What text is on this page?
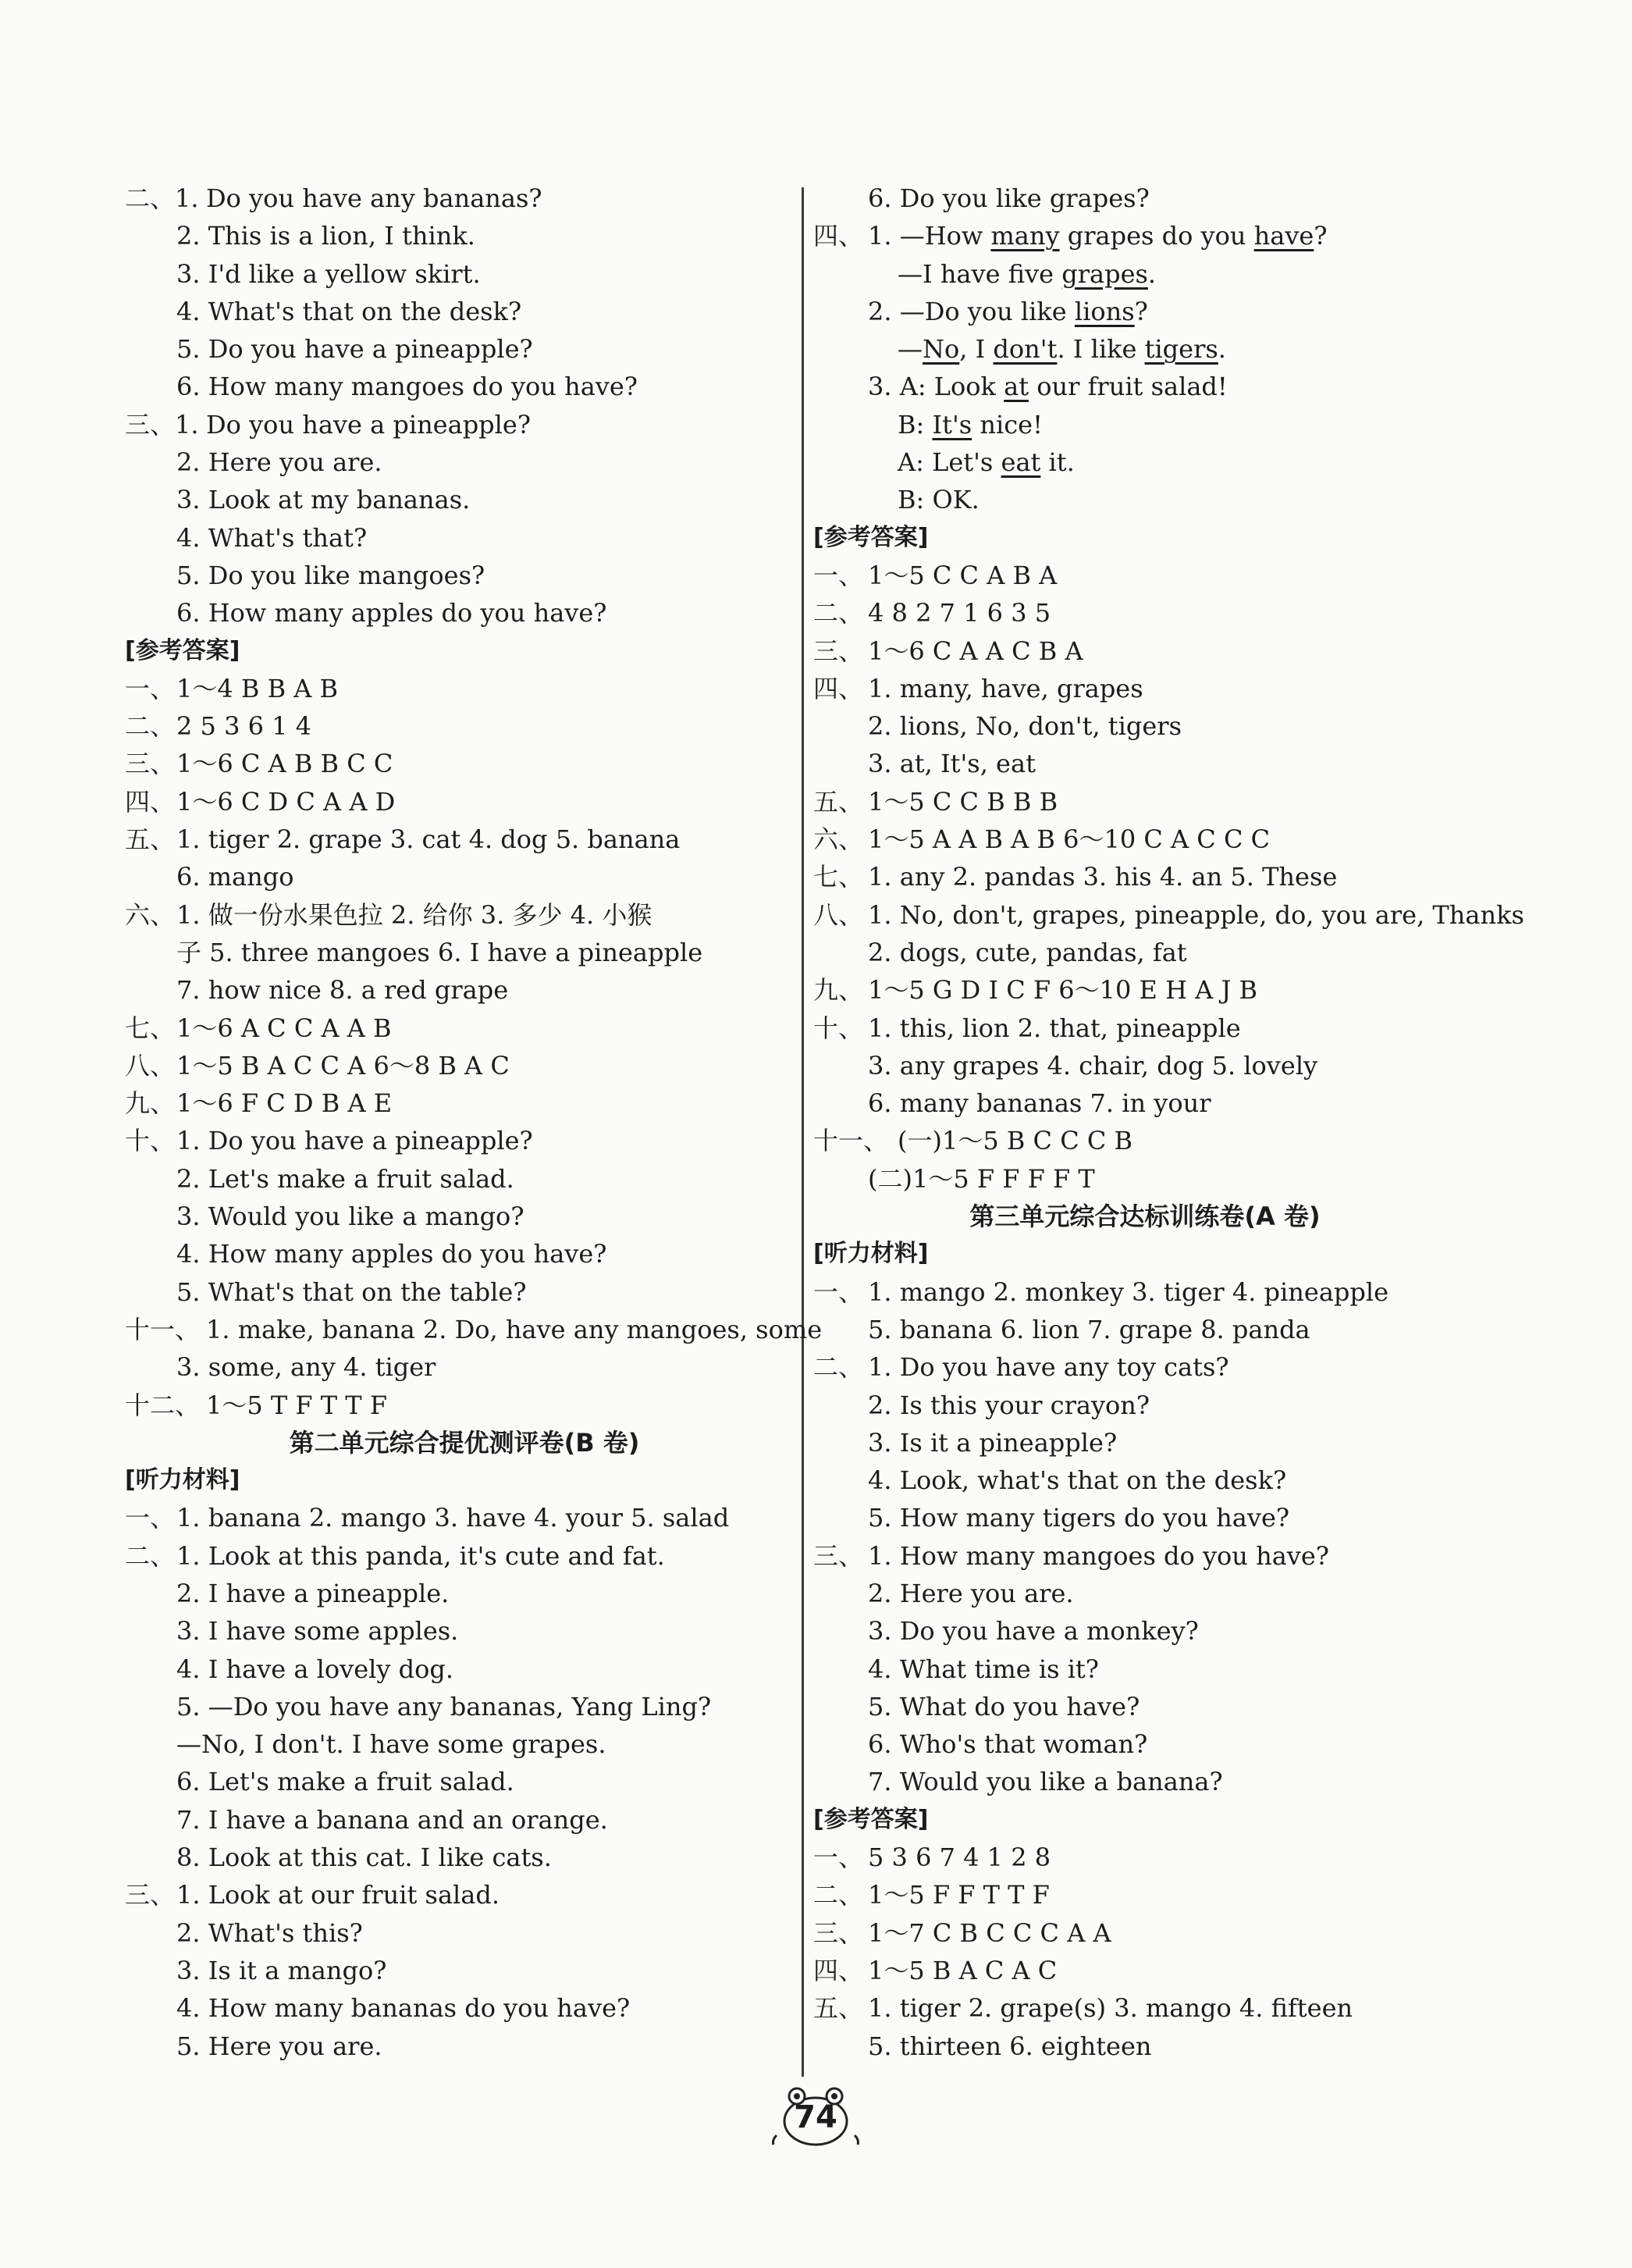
二、1. Do you have any bananas?
2. This is a lion, I think.
3. I'd like a yellow skirt.
4. What's that on the desk?
5. Do you have a pineapple?
6. How many mangoes do you have?
三、1. Do you have a pineapple?
2. Here you are.
3. Look at my bananas.
4. What's that?
5. Do you like mangoes?
6. How many apples do you have?
[参考答案]
一、 1～4 B B A B
二、 2 5 3 6 1 4
三、 1～6 C A B B C C
四、 1～6 C D C A A D
五、 1. tiger 2. grape 3. cat 4. dog 5. banana
6. mango
六、 1. 做一份水果色拉 2. 给你 3. 多少 4. 小猴
子 5. three mangoes 6. I have a pineapple
7. how nice 8. a red grape
七、 1～6 A C C A A B
八、 1～5 B A C C A 6～8 B A C
九、 1～6 F C D B A E
十、 1. Do you have a pineapple?
2. Let's make a fruit salad.
3. Would you like a mango?
4. How many apples do you have?
5. What's that on the table?
十一、 1. make, banana 2. Do, have any mangoes, some
3. some, any 4. tiger
十二、 1～5 T F T T F
第二单元综合提优测评卷(B 卷)
[听力材料]
一、 1. banana 2. mango 3. have 4. your 5. salad
二、 1. Look at this panda, it's cute and fat.
2. I have a pineapple.
3. I have some apples.
4. I have a lovely dog.
5. —Do you have any bananas, Yang Ling?
—No, I don't. I have some grapes.
6. Let's make a fruit salad.
7. I have a banana and an orange.
8. Look at this cat. I like cats.
三、 1. Look at our fruit salad.
2. What's this?
3. Is it a mango?
4. How many bananas do you have?
5. Here you are.
6. Do you like grapes?
四、 1. —How many grapes do you have?
—I have five grapes.
2. —Do you like lions?
—No, I don't. I like tigers.
3. A: Look at our fruit salad!
B: It's nice!
A: Let's eat it.
B: OK.
[参考答案]
一、 1～5 C C A B A
二、 4 8 2 7 1 6 3 5
三、 1～6 C A A C B A
四、 1. many, have, grapes
2. lions, No, don't, tigers
3. at, It's, eat
五、 1～5 C C B B B
六、 1～5 A A B A B 6～10 C A C C C
七、 1. any 2. pandas 3. his 4. an 5. These
八、 1. No, don't, grapes, pineapple, do, you are, Thanks
2. dogs, cute, pandas, fat
九、 1～5 G D I C F 6～10 E H A J B
十、 1. this, lion 2. that, pineapple
3. any grapes 4. chair, dog 5. lovely
6. many bananas 7. in your
十一、 (一)1～5 B C C C B
(二)1～5 F F F F T
第三单元综合达标训练卷(A 卷)
[听力材料]
一、 1. mango 2. monkey 3. tiger 4. pineapple
5. banana 6. lion 7. grape 8. panda
二、 1. Do you have any toy cats?
2. Is this your crayon?
3. Is it a pineapple?
4. Look, what's that on the desk?
5. How many tigers do you have?
三、 1. How many mangoes do you have?
2. Here you are.
3. Do you have a monkey?
4. What time is it?
5. What do you have?
6. Who's that woman?
7. Would you like a banana?
[参考答案]
一、 5 3 6 7 4 1 2 8
二、 1～5 F F T T F
三、 1～7 C B C C C A A
四、 1～5 B A C A C
五、 1. tiger 2. grape(s) 3. mango 4. fifteen
5. thirteen 6. eighteen
74
